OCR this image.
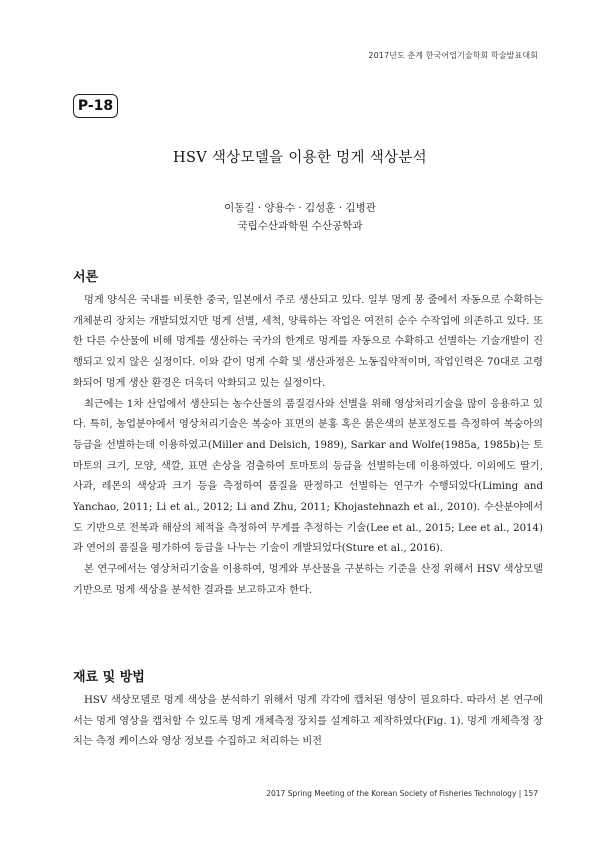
2017년도 춘계 한국어업기술학회 학술발표대회
P-18
HSV 색상모델을 이용한 멍게 색상분석
이동길 · 양용수 · 김성훈 · 김병관
국립수산과학원 수산공학과
서론

멍게 양식은 국내를 비롯한 중국, 일본에서 주로 생산되고 있다. 일부 멍게 봉 줄에서 자동으로 수확하는 개체분리 장치는 개발되었지만 멍게 선별, 세척, 양륙하는 작업은 여전히 순수 수작업에 의존하고 있다. 또한 다른 수산물에 비해 멍게를 생산하는 국가의 한계로 멍게를 자동으로 수확하고 선별하는 기술개발이 진행되고 있지 않은 실정이다. 이와 같이 멍게 수확 및 생산과정은 노동집약적이며, 작업인력은 70대로 고령화되어 멍게 생산 환경은 더욱더 악화되고 있는 실정이다.

최근에는 1차 산업에서 생산되는 농수산물의 품질검사와 선별을 위해 영상처리기술을 많이 응용하고 있다. 특히, 농업분야에서 영상처리기술은 복숭아 표면의 분홍 혹은 붉은색의 분포정도를 측정하여 복숭아의 등급을 선별하는데 이용하였고(Miller and Delsich, 1989), Sarkar and Wolfe(1985a, 1985b)는 토마토의 크기, 모양, 색깔, 표면 손상을 검출하여 토마토의 등급을 선별하는데 이용하였다. 이외에도 딸기, 사과, 레몬의 색상과 크기 등을 측정하여 품질을 판정하고 선별하는 연구가 수행되었다(Liming and Yanchao, 2011; Li et al., 2012; Li and Zhu, 2011; Khojastehnazh et al., 2010). 수산분야에서도 기반으로 전복과 해삼의 체적을 측정하여 무게를 추정하는 기술(Lee et al., 2015; Lee et al., 2014)과 연어의 품질을 평가하여 등급을 나누는 기술이 개발되었다(Sture et al., 2016).

본 연구에서는 영상처리기술을 이용하여, 멍게와 부산물을 구분하는 기준을 산정 위해서 HSV 색상모델 기반으로 멍게 색상을 분석한 결과를 보고하고자 한다.

재료 및 방법

HSV 색상모델로 멍게 색상을 분석하기 위해서 멍게 각각에 캡처된 영상이 필요하다. 따라서 본 연구에서는 멍게 영상을 캡처할 수 있도록 멍게 개체측정 장치를 설계하고 제작하였다(Fig. 1). 멍게 개체측정 장치는 측정 케이스와 영상 정보를 수집하고 처리하는 비전

2017 Spring Meeting of the Korean Society of Fisheries Technology | 157
